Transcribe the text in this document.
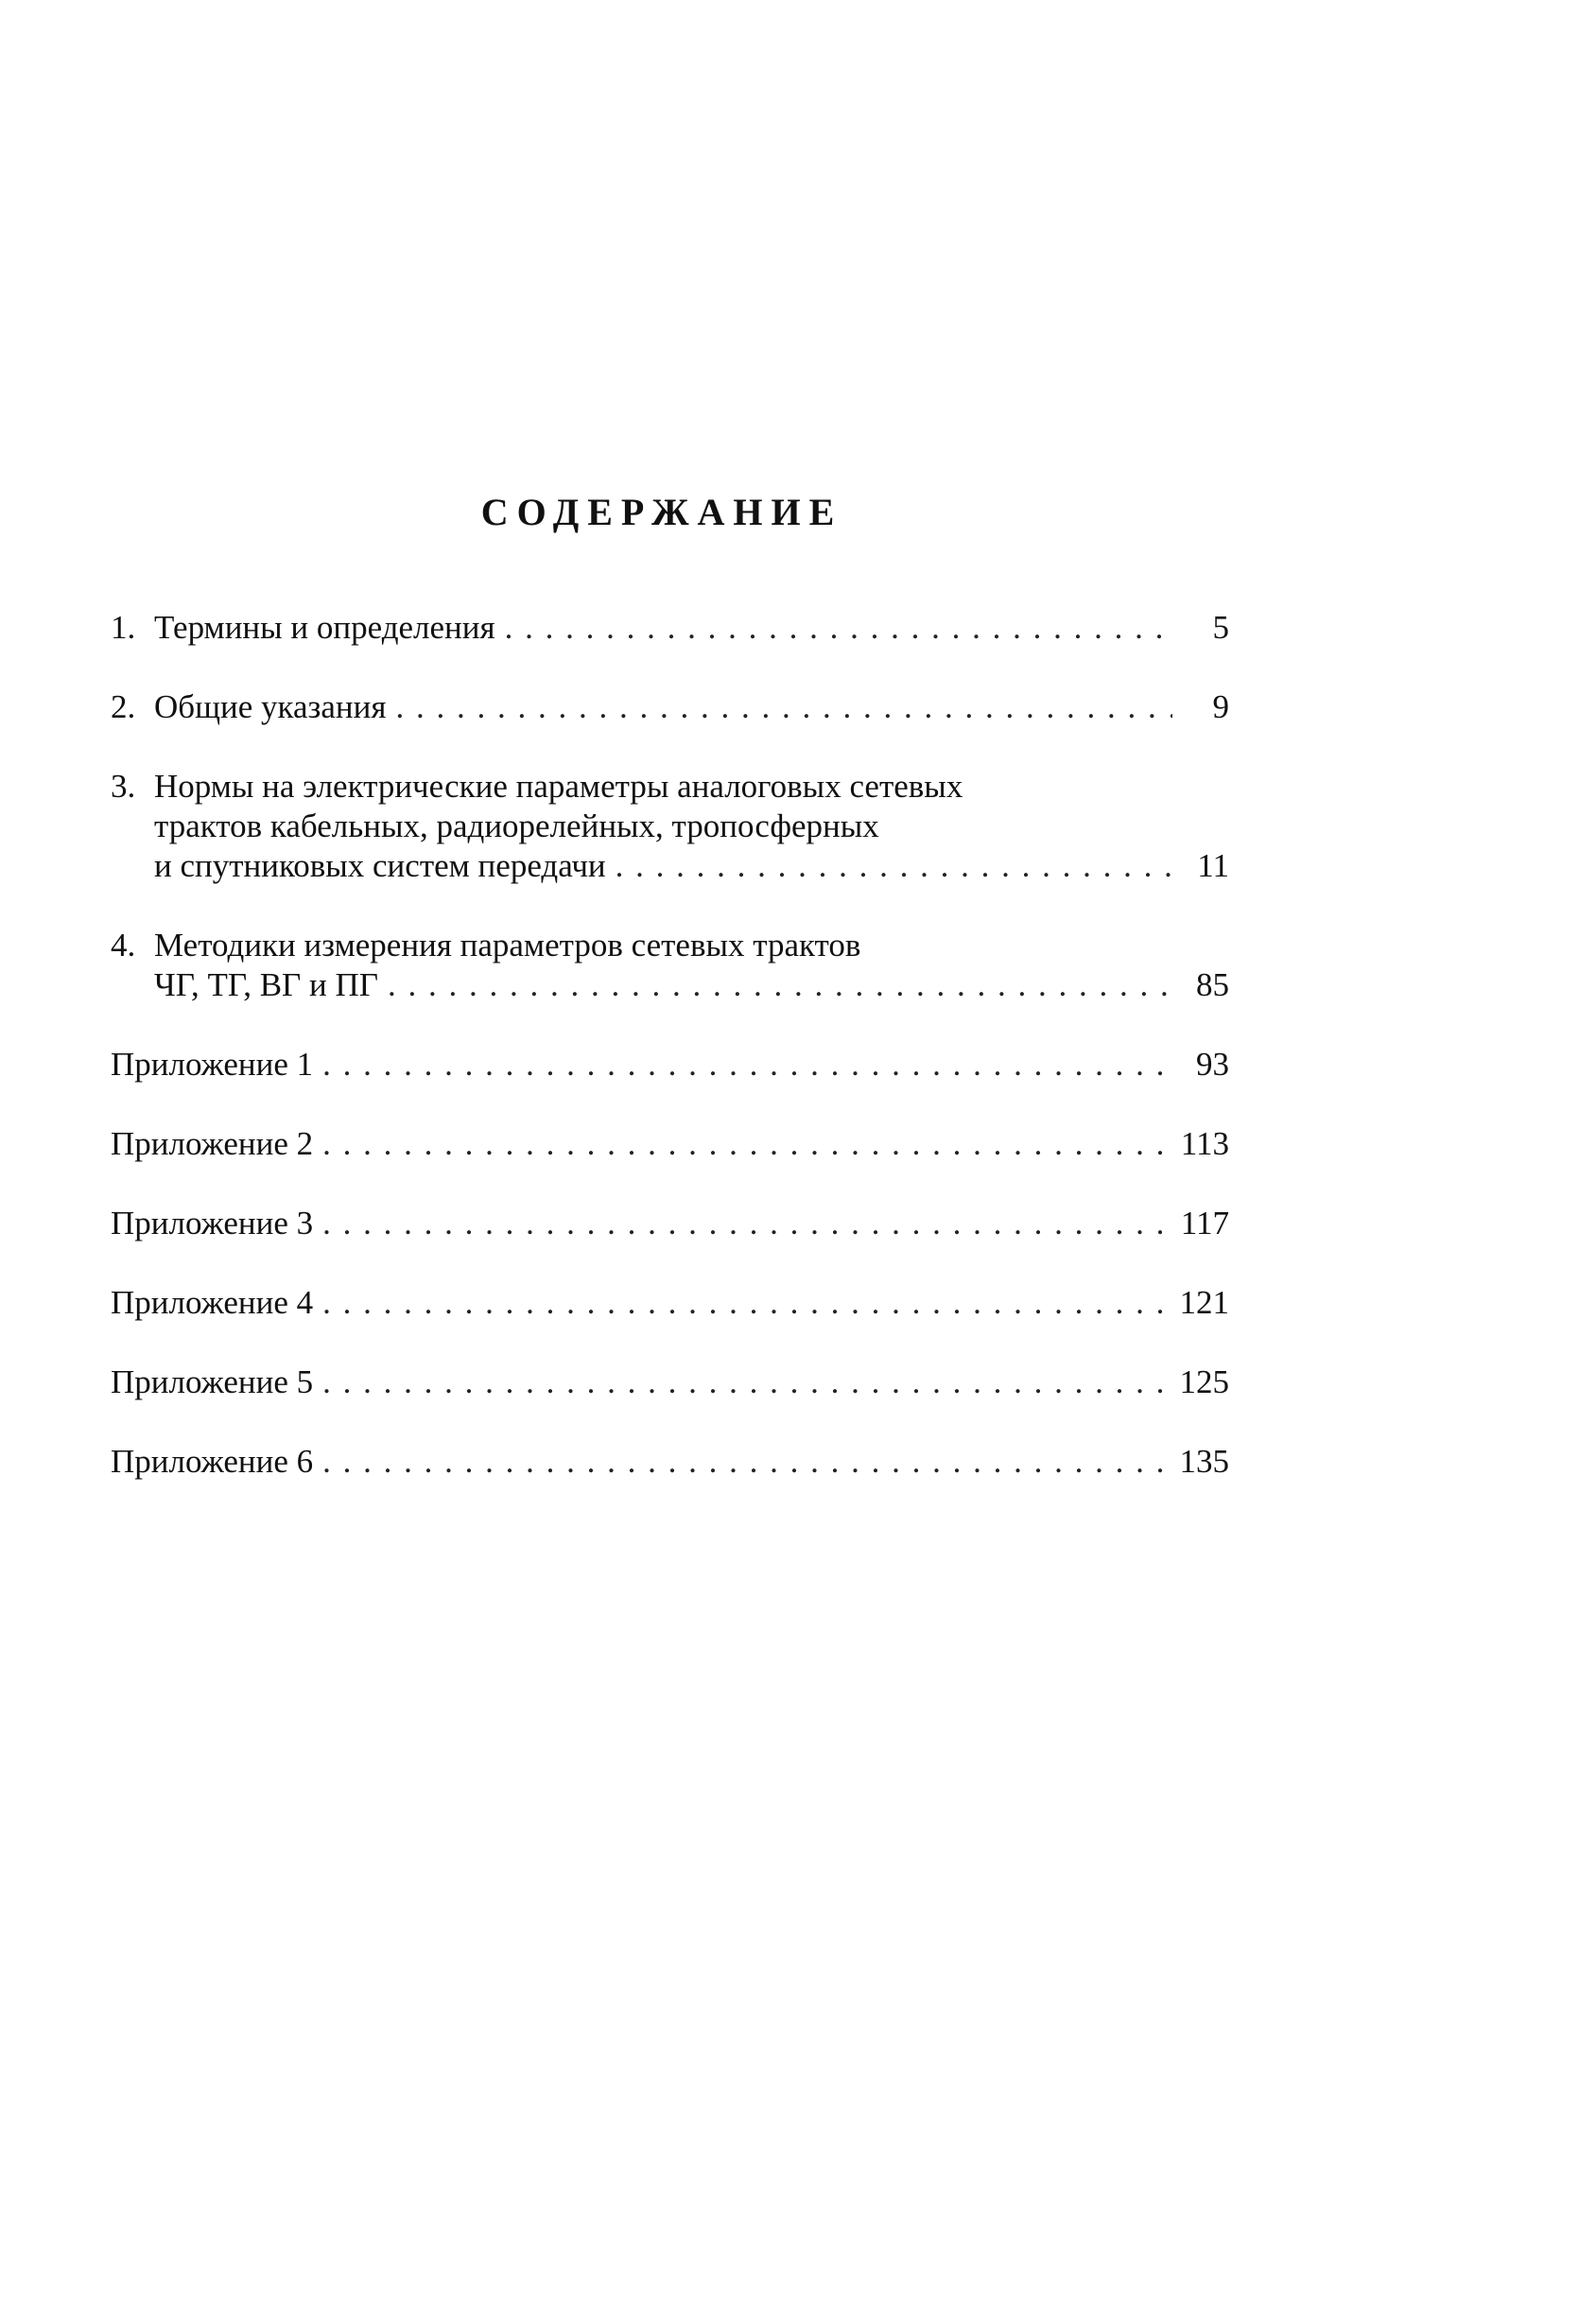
СОДЕРЖАНИЕ
1. Термины и определения . . .	5
2. Общие указания . . .	9
3. Нормы на электрические параметры аналоговых сетевых
трактов кабельных, радиорелейных, тропосферных
и спутниковых систем передачи . . .	11
4. Методики измерения параметров сетевых трактов
ЧГ, ТГ, ВГ и ПГ . . .	85
Приложение 1 . . .	93
Приложение 2 . . .	113
Приложение 3 . . .	117
Приложение 4 . . .	121
Приложение 5 . . .	125
Приложение 6 . . .	135
